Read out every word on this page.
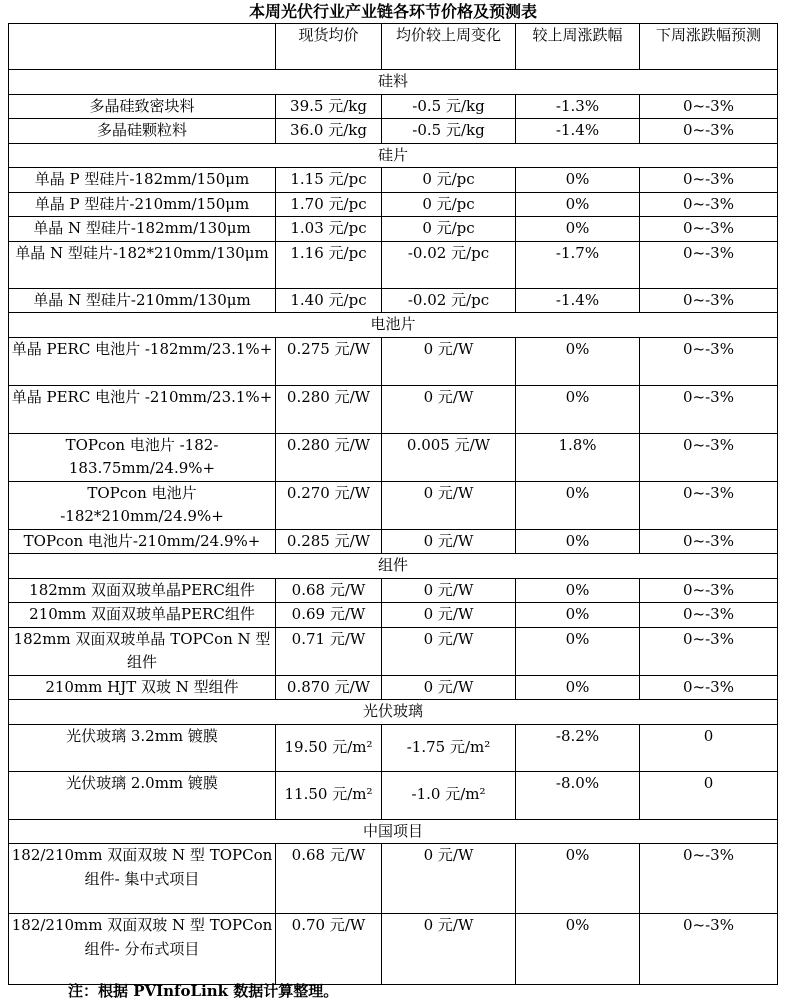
本周光伏行业产业链各环节价格及预测表
	现货均价	均价较上周变化	较上周涨跌幅	下周涨跌幅预测
硅料				
多晶硅致密块料	39.5 元/kg	-0.5 元/kg	-1.3%	0~-3%
多晶硅颗粒料	36.0 元/kg	-0.5 元/kg	-1.4%	0~-3%
硅片				
单晶 P 型硅片-182mm/150μm	1.15 元/pc	0 元/pc	0%	0~-3%
单晶 P 型硅片-210mm/150μm	1.70 元/pc	0 元/pc	0%	0~-3%
单晶 N 型硅片-182mm/130μm	1.03 元/pc	0 元/pc	0%	0~-3%
单晶 N 型硅片-182*210mm/130μm	1.16 元/pc	-0.02 元/pc	-1.7%	0~-3%
单晶 N 型硅片-210mm/130μm	1.40 元/pc	-0.02 元/pc	-1.4%	0~-3%
电池片				
单晶 PERC 电池片 -182mm/23.1%+	0.275 元/W	0 元/W	0%	0~-3%
单晶 PERC 电池片 -210mm/23.1%+	0.280 元/W	0 元/W	0%	0~-3%
TOPcon 电池片 -182-183.75mm/24.9%+	0.280 元/W	0.005 元/W	1.8%	0~-3%
TOPcon 电池片 -182*210mm/24.9%+	0.270 元/W	0 元/W	0%	0~-3%
TOPcon 电池片-210mm/24.9%+	0.285 元/W	0 元/W	0%	0~-3%
组件				
182mm 双面双玻单晶PERC组件	0.68 元/W	0 元/W	0%	0~-3%
210mm 双面双玻单晶PERC组件	0.69 元/W	0 元/W	0%	0~-3%
182mm 双面双玻单晶 TOPCon N 型组件	0.71 元/W	0 元/W	0%	0~-3%
210mm HJT 双玻 N 型组件	0.870 元/W	0 元/W	0%	0~-3%
光伏玻璃				
光伏玻璃 3.2mm 镀膜	19.50 元/m²	-1.75 元/m²	-8.2%	0
光伏玻璃 2.0mm 镀膜	11.50 元/m²	-1.0 元/m²	-8.0%	0
中国项目				
182/210mm 双面双玻 N 型 TOPCon 组件- 集中式项目	0.68 元/W	0 元/W	0%	0~-3%
182/210mm 双面双玻 N 型 TOPCon 组件- 分布式项目	0.70 元/W	0 元/W	0%	0~-3%
注：根据 PVInfoLink 数据计算整理。
